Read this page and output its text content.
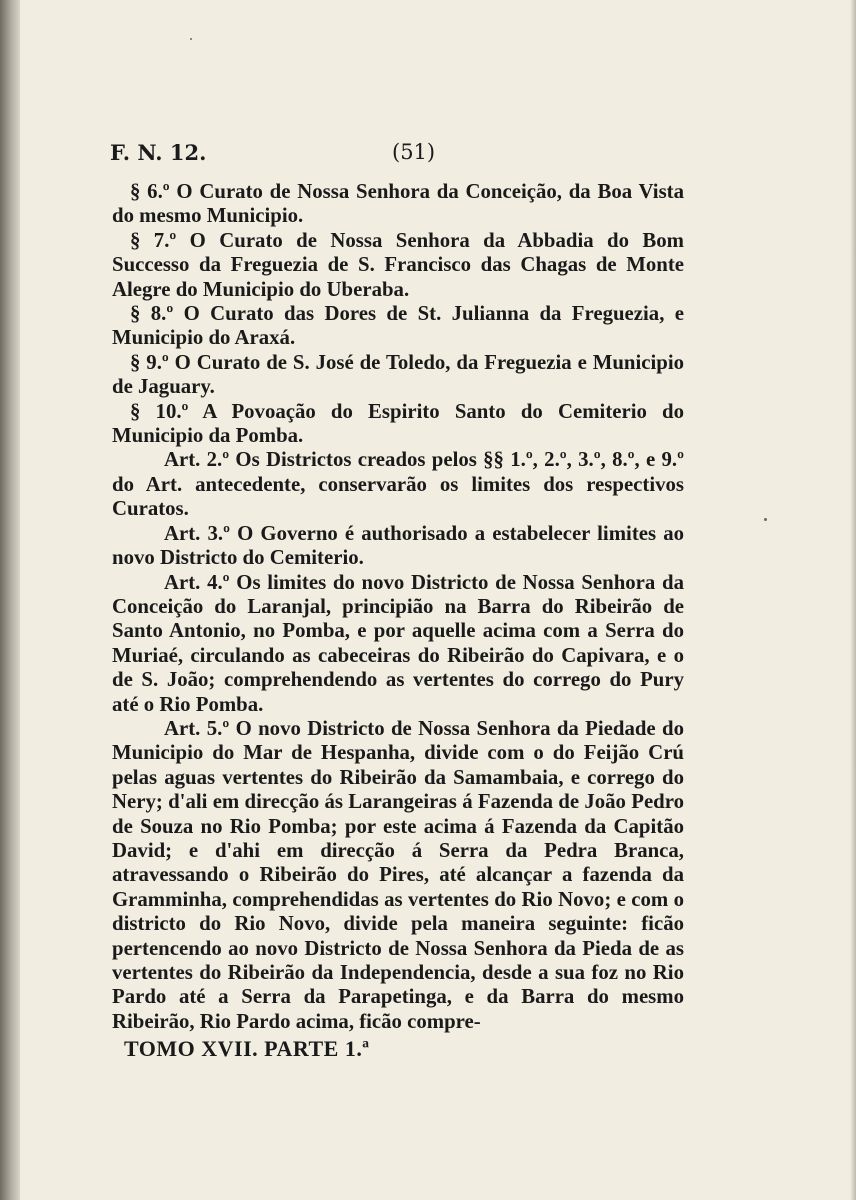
F. N. 12.	(51)

§ 6.º O Curato de Nossa Senhora da Conceição, da Boa Vista do mesmo Municipio.

§ 7.º O Curato de Nossa Senhora da Abbadia do Bom Successo da Freguezia de S. Francisco das Chagas de Monte Alegre do Municipio do Uberaba.

§ 8.º O Curato das Dores de St. Julianna da Freguezia, e Municipio do Araxá.

§ 9.º O Curato de S. José de Toledo, da Freguezia e Municipio de Jaguary.

§ 10.º A Povoação do Espirito Santo do Cemiterio do Municipio da Pomba.

Art. 2.º Os Districtos creados pelos §§ 1.º, 2.º, 3.º, 8.º, e 9.º do Art. antecedente, conservarão os limites dos respectivos Curatos.

Art. 3.º O Governo é authorisado a estabelecer limites ao novo Districto do Cemiterio.

Art. 4.º Os limites do novo Districto de Nossa Senhora da Conceição do Laranjal, principião na Barra do Ribeirão de Santo Antonio, no Pomba, e por aquelle acima com a Serra do Muriaé, circulando as cabeceiras do Ribeirão do Capivara, e o de S. João; comprehendendo as vertentes do corrego do Pury até o Rio Pomba.

Art. 5.º O novo Districto de Nossa Senhora da Piedade do Municipio do Mar de Hespanha, divide com o do Feijão Crú pelas aguas vertentes do Ribeirão da Samambaia, e corrego do Nery; d'ali em direcção ás Larangeiras á Fazenda de João Pedro de Souza no Rio Pomba; por este acima á Fazenda da Capitão David; e d'ahi em direcção á Serra da Pedra Branca, atravessando o Ribeirão do Pires, até alcançar a fazenda da Gramminha, comprehendidas as vertentes do Rio Novo; e com o districto do Rio Novo, divide pela maneira seguinte: ficão pertencendo ao novo Districto de Nossa Senhora da Pieda de as vertentes do Ribeirão da Independencia, desde a sua foz no Rio Pardo até a Serra da Parapetinga, e da Barra do mesmo Ribeirão, Rio Pardo acima, ficão compre-

TOMO XVII. PARTE 1.ª
